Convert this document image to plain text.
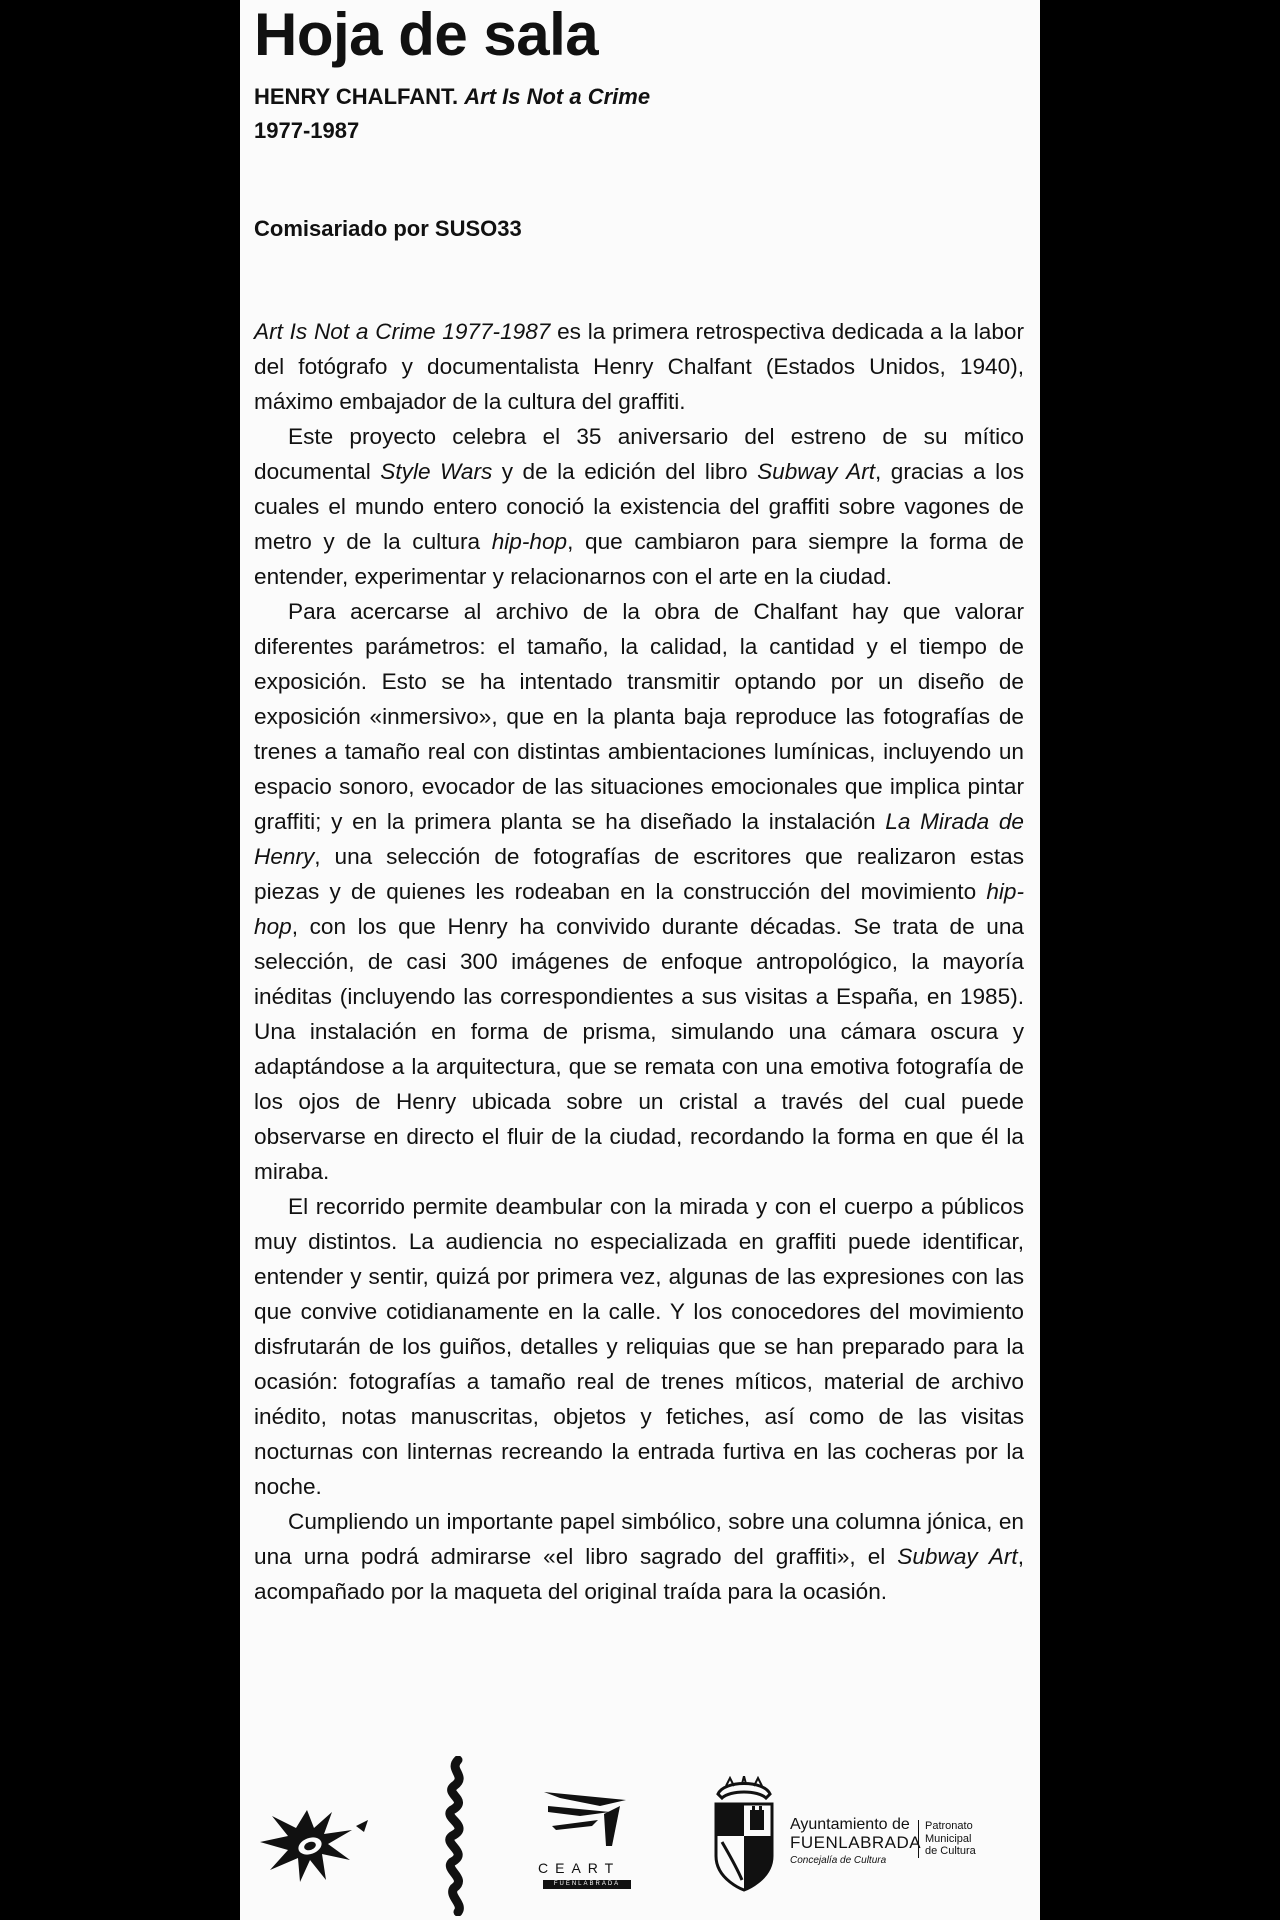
Hoja de sala
HENRY CHALFANT. Art Is Not a Crime
1977-1987
Comisariado por SUSO33

Art Is Not a Crime 1977-1987 es la primera retrospectiva dedicada a la labor del fotógrafo y documentalista Henry Chalfant (Estados Unidos, 1940), máximo embajador de la cultura del graffiti.

Este proyecto celebra el 35 aniversario del estreno de su mítico documental Style Wars y de la edición del libro Subway Art, gracias a los cuales el mundo entero conoció la existencia del graffiti sobre vagones de metro y de la cultura hip-hop, que cambiaron para siempre la forma de entender, experimentar y relacionarnos con el arte en la ciudad.

Para acercarse al archivo de la obra de Chalfant hay que valorar diferentes parámetros: el tamaño, la calidad, la cantidad y el tiempo de exposición. Esto se ha intentado transmitir optando por un diseño de exposición «inmersivo», que en la planta baja reproduce las fotografías de trenes a tamaño real con distintas ambientaciones lumínicas, incluyendo un espacio sonoro, evocador de las situaciones emocionales que implica pintar graffiti; y en la primera planta se ha diseñado la instalación La Mirada de Henry, una selección de fotografías de escritores que realizaron estas piezas y de quienes les rodeaban en la construcción del movimiento hip-hop, con los que Henry ha convivido durante décadas. Se trata de una selección, de casi 300 imágenes de enfoque antropológico, la mayoría inéditas (incluyendo las correspondientes a sus visitas a España, en 1985). Una instalación en forma de prisma, simulando una cámara oscura y adaptándose a la arquitectura, que se remata con una emotiva fotografía de los ojos de Henry ubicada sobre un cristal a través del cual puede observarse en directo el fluir de la ciudad, recordando la forma en que él la miraba.

El recorrido permite deambular con la mirada y con el cuerpo a públicos muy distintos. La audiencia no especializada en graffiti puede identificar, entender y sentir, quizá por primera vez, algunas de las expresiones con las que convive cotidianamente en la calle. Y los conocedores del movimiento disfrutarán de los guiños, detalles y reliquias que se han preparado para la ocasión: fotografías a tamaño real de trenes míticos, material de archivo inédito, notas manuscritas, objetos y fetiches, así como de las visitas nocturnas con linternas recreando la entrada furtiva en las cocheras por la noche.

Cumpliendo un importante papel simbólico, sobre una columna jónica, en una urna podrá admirarse «el libro sagrado del graffiti», el Subway Art, acompañado por la maqueta del original traída para la ocasión.

CEART
FUENLABRADA
Ayuntamiento de
FUENLABRADA
Concejalía de Cultura
Patronato
Municipal
de Cultura
